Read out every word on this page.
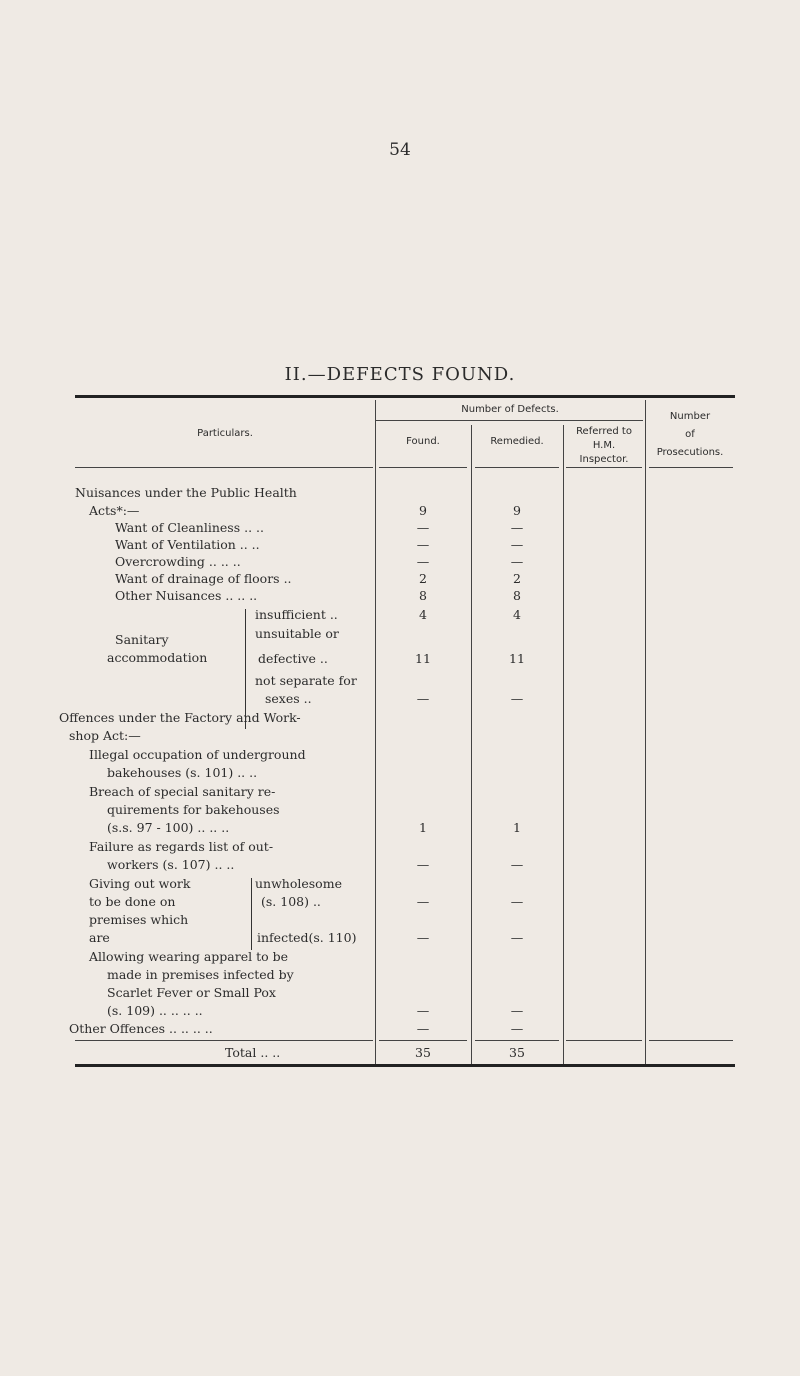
54
II.—DEFECTS FOUND.
Particulars.
Number of Defects.
Found.	Remedied.
Referred to
H.M.
Inspector.
Number
of
Prosecutions.
Nuisances under the Public Health
Acts*:—	9	9
Want of Cleanliness .. ..	—	—
Want of Ventilation .. ..	—	—
Overcrowding .. .. ..	—	—
Want of drainage of floors ..	2	2
Other Nuisances .. .. ..	8	8
Sanitary
accommodation
insufficient ..	4	4
unsuitable or
defective ..	11	11
not separate for
sexes ..	—	—
Offences under the Factory and Work-
shop Act:—
Illegal occupation of underground
bakehouses (s. 101) .. ..
Breach of special sanitary re-
quirements for bakehouses
(s.s. 97 - 100) .. .. ..	1	1
Failure as regards list of out-
workers (s. 107) .. ..	—	—
Giving out work
to be done on
premises which
are
unwholesome
(s. 108) ..	—	—
infected(s. 110)	—	—
Allowing wearing apparel to be
made in premises infected by
Scarlet Fever or Small Pox
(s. 109) .. .. .. ..	—	—
Other Offences .. .. .. ..	—	—
Total .. ..	35	35
